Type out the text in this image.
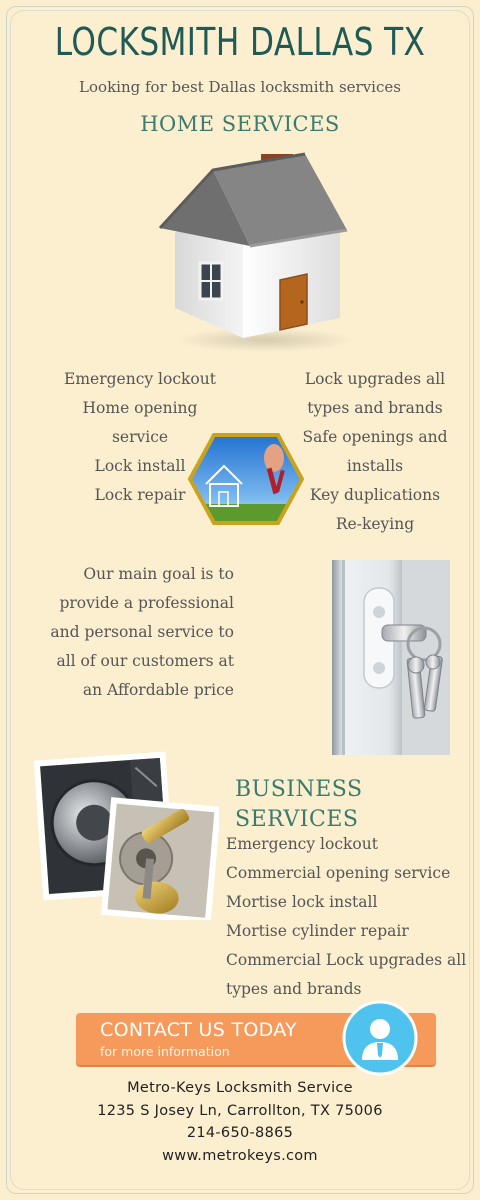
LOCKSMITH DALLAS TX
Looking for best Dallas locksmith services
HOME SERVICES
Emergency lockout
Home opening
service
Lock install
Lock repair
Lock upgrades all
types and brands
Safe openings and
installs
Key duplications
Re-keying
Our main goal is to
provide a professional
and personal service to
all of our customers at
an Affordable price
BUSINESS
SERVICES
Emergency lockout
Commercial opening service
Mortise lock install
Mortise cylinder repair
Commercial Lock upgrades all
types and brands
CONTACT US TODAY
for more information
Metro-Keys Locksmith Service
1235 S Josey Ln, Carrollton, TX 75006
214-650-8865
www.metrokeys.com
